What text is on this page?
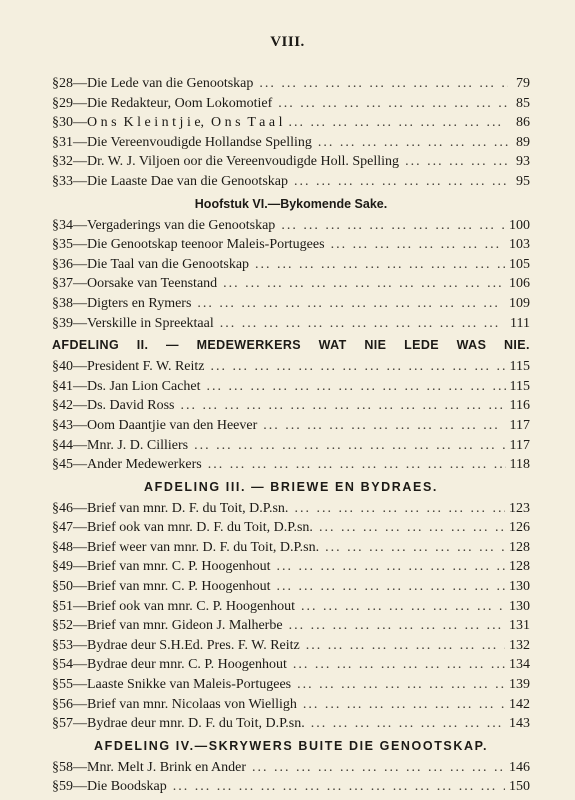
VIII.
§28—Die Lede van die Genootskap ... .	79
§29—Die Redakteur, Oom Lokomotief ... .	85
§30—O n s  K l e i n t j i e,  O n s  T a a l ... .	86
§31—Die Vereenvoudigde Hollandse Spelling ... .	89
§32—Dr. W. J. Viljoen oor die Vereenvoudigde Holl. Spelling ... .	93
§33—Die Laaste Dae van die Genootskap ... .	95
Hoofstuk VI.—Bykomende Sake.
§34—Vergaderings van die Genootskap ... .	100
§35—Die Genootskap teenoor Maleis-Portugees ... .	103
§36—Die Taal van die Genootskap ... .	105
§37—Oorsake van Teenstand ... .	106
§38—Digters en Rymers ... .	109
§39—Verskille in Spreektaal ... .	111
AFDELING II. — MEDEWERKERS WAT NIE LEDE WAS NIE.
§40—President F. W. Reitz ... .	115
§41—Ds. Jan Lion Cachet ... .	115
§42—Ds. David Ross ... .	116
§43—Oom Daantjie van den Heever ... .	117
§44—Mnr. J. D. Cilliers ... .	117
§45—Ander Medewerkers ... .	118
AFDELING III. — BRIEWE EN BYDRAES.
§46—Brief van mnr. D. F. du Toit, D.P.sn. ... .	123
§47—Brief ook van mnr. D. F. du Toit, D.P.sn. ... .	126
§48—Brief weer van mnr. D. F. du Toit, D.P.sn. ... .	128
§49—Brief van mnr. C. P. Hoogenhout ... .	128
§50—Brief van mnr. C. P. Hoogenhout ... .	130
§51—Brief ook van mnr. C. P. Hoogenhout ... .	130
§52—Brief van mnr. Gideon J. Malherbe ... .	131
§53—Bydrae deur S.H.Ed. Pres. F. W. Reitz ... .	132
§54—Bydrae deur mnr. C. P. Hoogenhout ... .	134
§55—Laaste Snikke van Maleis-Portugees ... .	139
§56—Brief van mnr. Nicolaas von Wielligh ... .	142
§57—Bydrae deur mnr. D. F. du Toit, D.P.sn. ... .	143
AFDELING IV.—SKRYWERS BUITE DIE GENOOTSKAP.
§58—Mnr. Melt J. Brink en Ander ... .	146
§59—Die Boodskap ... .	150
